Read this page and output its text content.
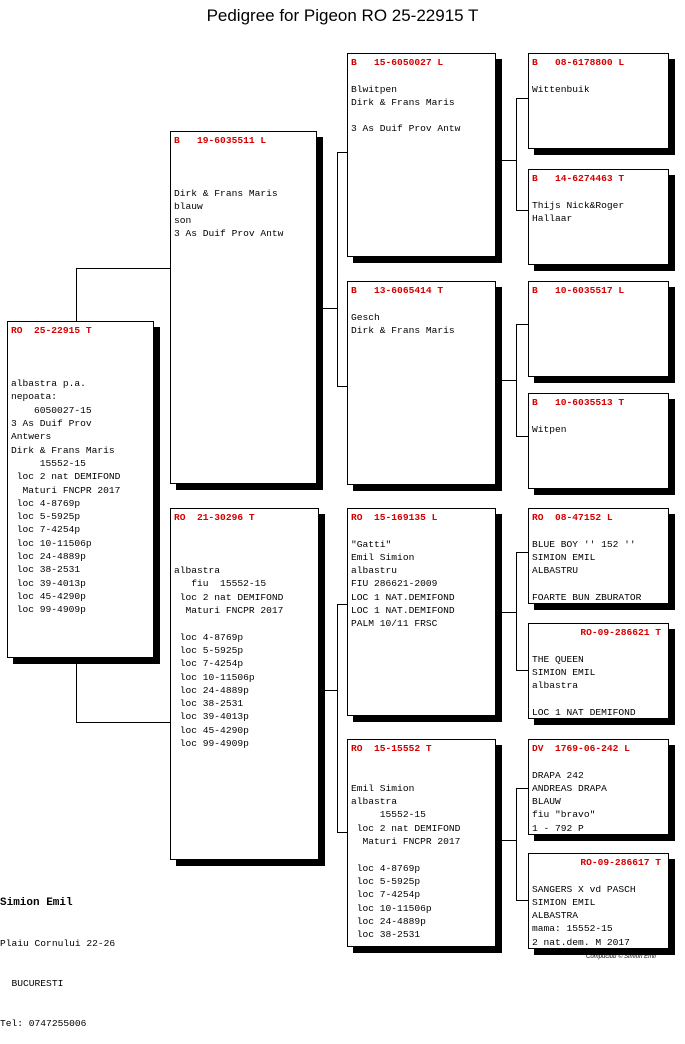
Pedigree for Pigeon RO 25-22915 T
RO  25-22915 T

albastra p.a.
nepoata:
6050027-15
3 As Duif Prov
Antwers
Dirk & Frans Maris
15552-15
loc 2 nat DEMIFOND
Maturi FNCPR 2017
loc 4-8769p
loc 5-5925p
loc 7-4254p
loc 10-11506p
loc 24-4889p
loc 38-2531
loc 39-4013p
loc 45-4290p
loc 99-4909p
B   19-6035511 L

Dirk & Frans Maris
blauw
son
3 As Duif Prov Antw
RO  21-30296 T

albastra
fiu  15552-15
loc 2 nat DEMIFOND
Maturi FNCPR 2017

loc 4-8769p
loc 5-5925p
loc 7-4254p
loc 10-11506p
loc 24-4889p
loc 38-2531
loc 39-4013p
loc 45-4290p
loc 99-4909p
B   15-6050027 L
Blwitpen
Dirk & Frans Maris

3 As Duif Prov Antw
B   13-6065414 T
Gesch
Dirk & Frans Maris
RO  15-169135 L
"Gatti"
Emil Simion
albastru
FIU 286621-2009
LOC 1 NAT.DEMIFOND
LOC 1 NAT.DEMIFOND
PALM 10/11 FRSC
RO  15-15552 T

Emil Simion
albastra
15552-15
loc 2 nat DEMIFOND
Maturi FNCPR 2017

loc 4-8769p
loc 5-5925p
loc 7-4254p
loc 10-11506p
loc 24-4889p
loc 38-2531
B   08-6178800 L
Wittenbuik
B   14-6274463 T
Thijs Nick&Roger
Hallaar
B   10-6035517 L
B   10-6035513 T
Witpen
RO  08-47152 L
BLUE BOY '' 152 ''
SIMION EMIL
ALBASTRU

FOARTE BUN ZBURATOR
RO-09-286621 T
THE QUEEN
SIMION EMIL
albastra

LOC 1 NAT DEMIFOND
DV  1769-06-242 L
DRAPA 242
ANDREAS DRAPA
BLAUW
fiu "bravo"
1 - 792 P
RO-09-286617 T
SANGERS X vd PASCH
SIMION EMIL
ALBASTRA
mama: 15552-15
2 nat.dem. M 2017

Simion Emil

Plaiu Cornului 22-26

BUCURESTI

Tel: 0747255006

Compuclub © Simion Emil
